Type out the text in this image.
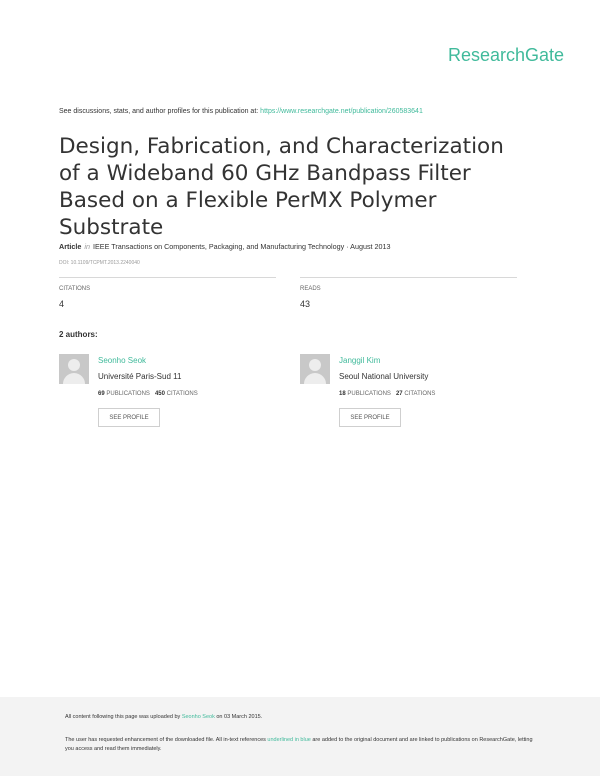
ResearchGate
See discussions, stats, and author profiles for this publication at: https://www.researchgate.net/publication/260583641
Design, Fabrication, and Characterization of a Wideband 60 GHz Bandpass Filter Based on a Flexible PerMX Polymer Substrate
Article in IEEE Transactions on Components, Packaging, and Manufacturing Technology · August 2013
DOI: 10.1109/TCPMT.2013.2240040
CITATIONS
4
READS
43
2 authors:
Seonho Seok
Université Paris-Sud 11
69 PUBLICATIONS 450 CITATIONS
SEE PROFILE
Janggil Kim
Seoul National University
18 PUBLICATIONS 27 CITATIONS
SEE PROFILE
All content following this page was uploaded by Seonho Seok on 03 March 2015.
The user has requested enhancement of the downloaded file. All in-text references underlined in blue are added to the original document and are linked to publications on ResearchGate, letting you access and read them immediately.
